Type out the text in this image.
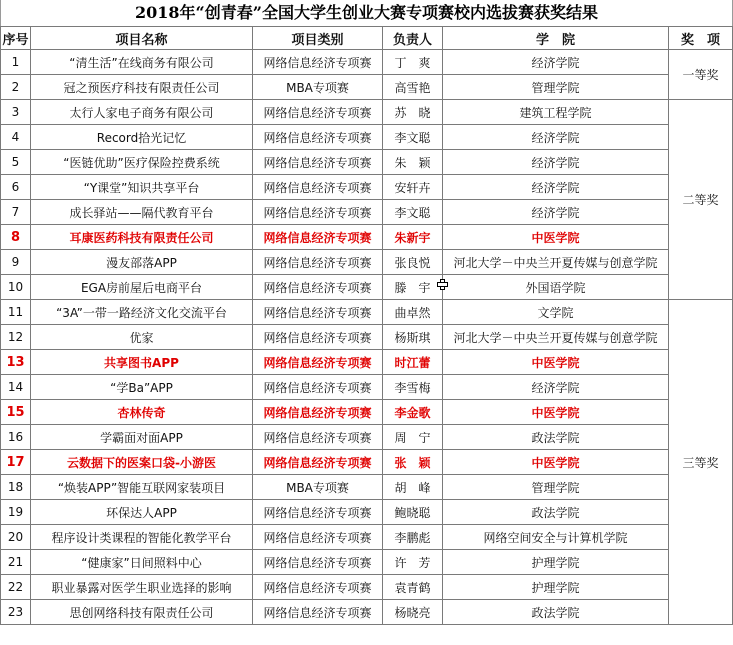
2018年“创青春”全国大学生创业大赛专项赛校内选拔赛获奖结果
序号	项目名称	项目类别	负责人	学　院	奖　项
1	“清生活”在线商务有限公司	网络信息经济专项赛	丁　爽	经济学院	一等奖
2	冠之预医疗科技有限责任公司	MBA专项赛	高雪艳	管理学院	
3	太行人家电子商务有限公司	网络信息经济专项赛	苏　晓	建筑工程学院	二等奖
4	Record拾光记忆	网络信息经济专项赛	李文聪	经济学院	
5	“医链优助”医疗保险控费系统	网络信息经济专项赛	朱　颖	经济学院	
6	“Y课堂”知识共享平台	网络信息经济专项赛	安轩卉	经济学院	
7	成长驿站——隔代教育平台	网络信息经济专项赛	李文聪	经济学院	
8	耳康医药科技有限责任公司	网络信息经济专项赛	朱新宇	中医学院	
9	漫友部落APP	网络信息经济专项赛	张良悦	河北大学－中央兰开夏传媒与创意学院	
10	EGA房前屋后电商平台	网络信息经济专项赛	滕　宇	外国语学院	
11	“3A”一带一路经济文化交流平台	网络信息经济专项赛	曲卓然	文学院	三等奖
12	优家	网络信息经济专项赛	杨斯琪	河北大学－中央兰开夏传媒与创意学院	
13	共享图书APP	网络信息经济专项赛	时江蕾	中医学院	
14	“学Ba”APP	网络信息经济专项赛	李雪梅	经济学院	
15	杏林传奇	网络信息经济专项赛	李金歌	中医学院	
16	学霸面对面APP	网络信息经济专项赛	周　宁	政法学院	
17	云数据下的医案口袋-小游医	网络信息经济专项赛	张　颖	中医学院	
18	“焕装APP”智能互联网家装项目	MBA专项赛	胡　峰	管理学院	
19	环保达人APP	网络信息经济专项赛	鲍晓聪	政法学院	
20	程序设计类课程的智能化教学平台	网络信息经济专项赛	李鹏彪	网络空间安全与计算机学院	
21	“健康家”日间照料中心	网络信息经济专项赛	许　芳	护理学院	
22	职业暴露对医学生职业选择的影响	网络信息经济专项赛	袁青鹤	护理学院	
23	思创网络科技有限责任公司	网络信息经济专项赛	杨晓亮	政法学院	
